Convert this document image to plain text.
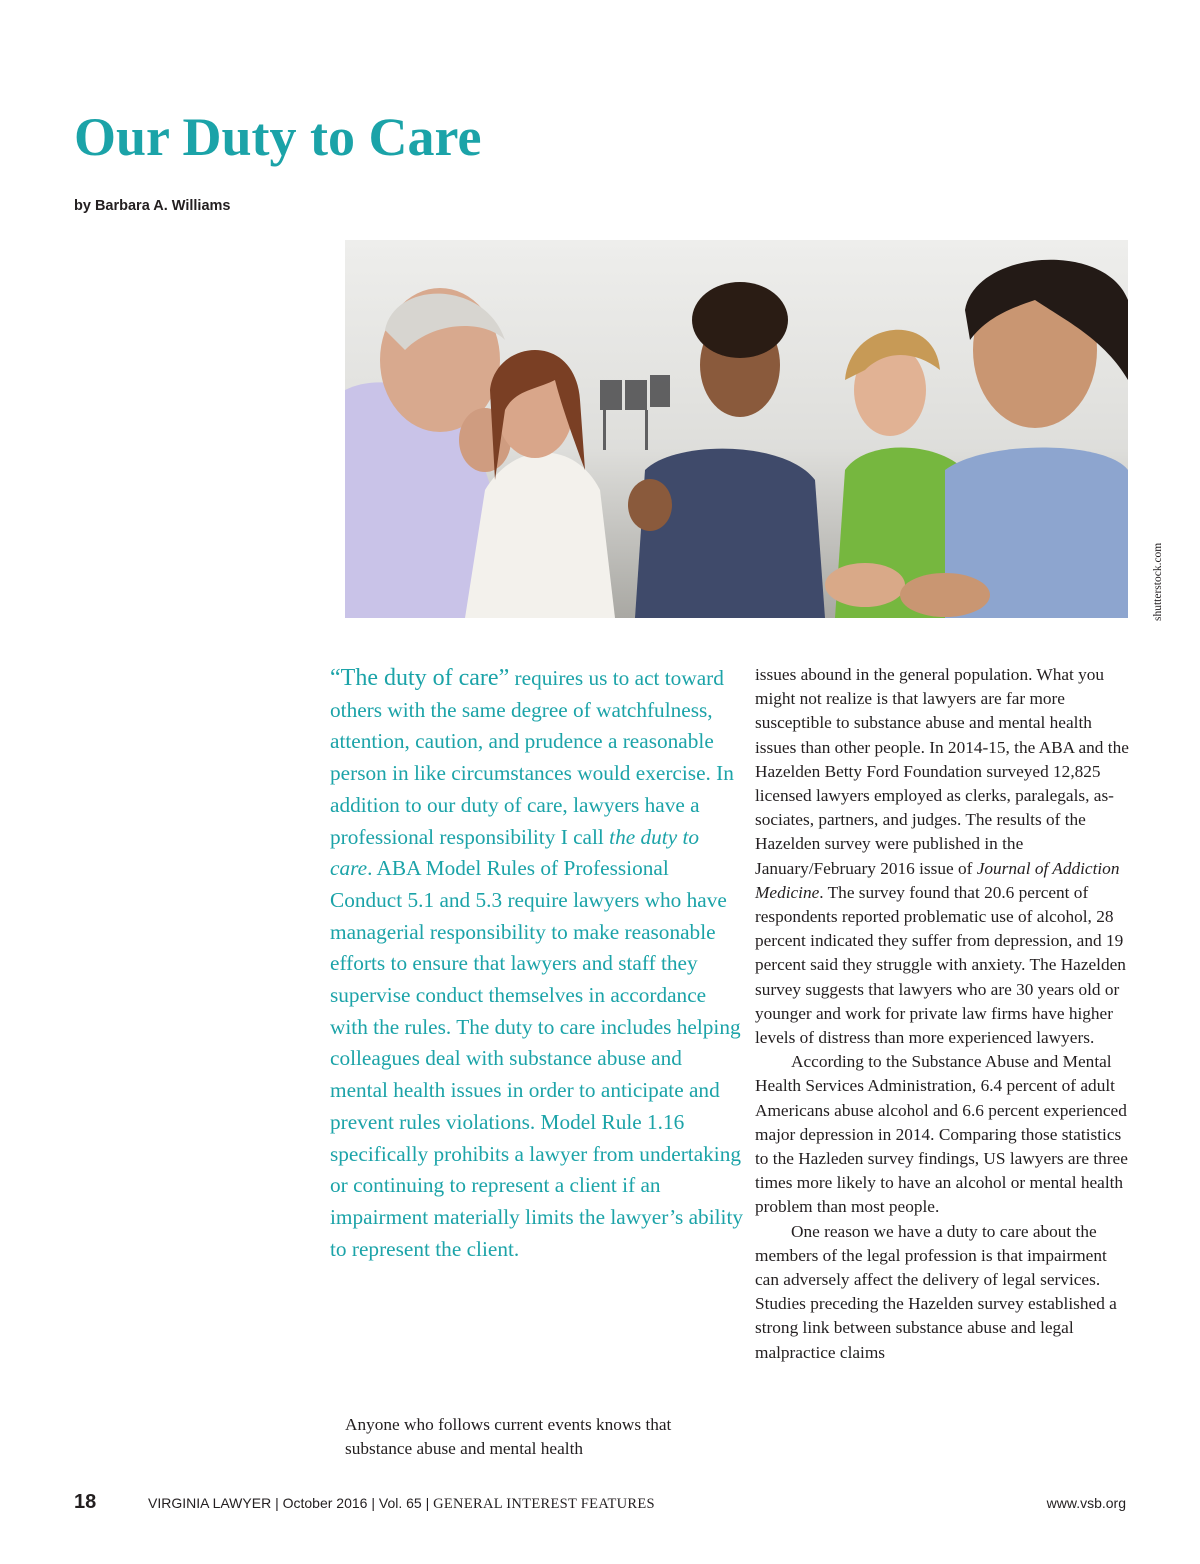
Our Duty to Care
by Barbara A. Williams
shutterstock.com

“The duty of care” requires us to act toward others with the same degree of watchfulness, attention, caution, and prudence a reasonable person in like circumstances would exercise. In addition to our duty of care, lawyers have a professional responsibility I call the duty to care. ABA Model Rules of Professional Conduct 5.1 and 5.3 require lawyers who have managerial responsibility to make reasonable efforts to ensure that lawyers and staff they supervise conduct themselves in accordance with the rules. The duty to care includes helping colleagues deal with substance abuse and mental health issues in order to anticipate and prevent rules violations. Model Rule 1.16 specifically prohibits a lawyer from undertaking or continuing to represent a client if an impairment materially limits the lawyer’s ability to represent the client.

Anyone who follows current events knows that substance abuse and mental health

issues abound in the general population. What you might not realize is that lawyers are far more susceptible to substance abuse and mental health issues than other people. In 2014-15, the ABA and the Hazelden Betty Ford Foundation surveyed 12,825 licensed lawyers employed as clerks, paralegals, associates, partners, and judges. The results of the Hazelden survey were published in the January/February 2016 issue of Journal of Addiction Medicine. The survey found that 20.6 percent of respondents reported problematic use of alcohol, 28 percent indicated they suffer from depression, and 19 percent said they struggle with anxiety. The Hazelden survey suggests that lawyers who are 30 years old or younger and work for private law firms have higher levels of distress than more experienced lawyers.

According to the Substance Abuse and Mental Health Services Administration, 6.4 percent of adult Americans abuse alcohol and 6.6 percent experienced major depression in 2014. Comparing those statistics to the Hazleden survey findings, US lawyers are three times more likely to have an alcohol or mental health problem than most people.

One reason we have a duty to care about the members of the legal profession is that impairment can adversely affect the delivery of legal services. Studies preceding the Hazelden survey established a strong link between substance abuse and legal malpractice claims

18	VIRGINIA LAWYER | October 2016 | Vol. 65 | GENERAL INTEREST FEATURES	www.vsb.org
